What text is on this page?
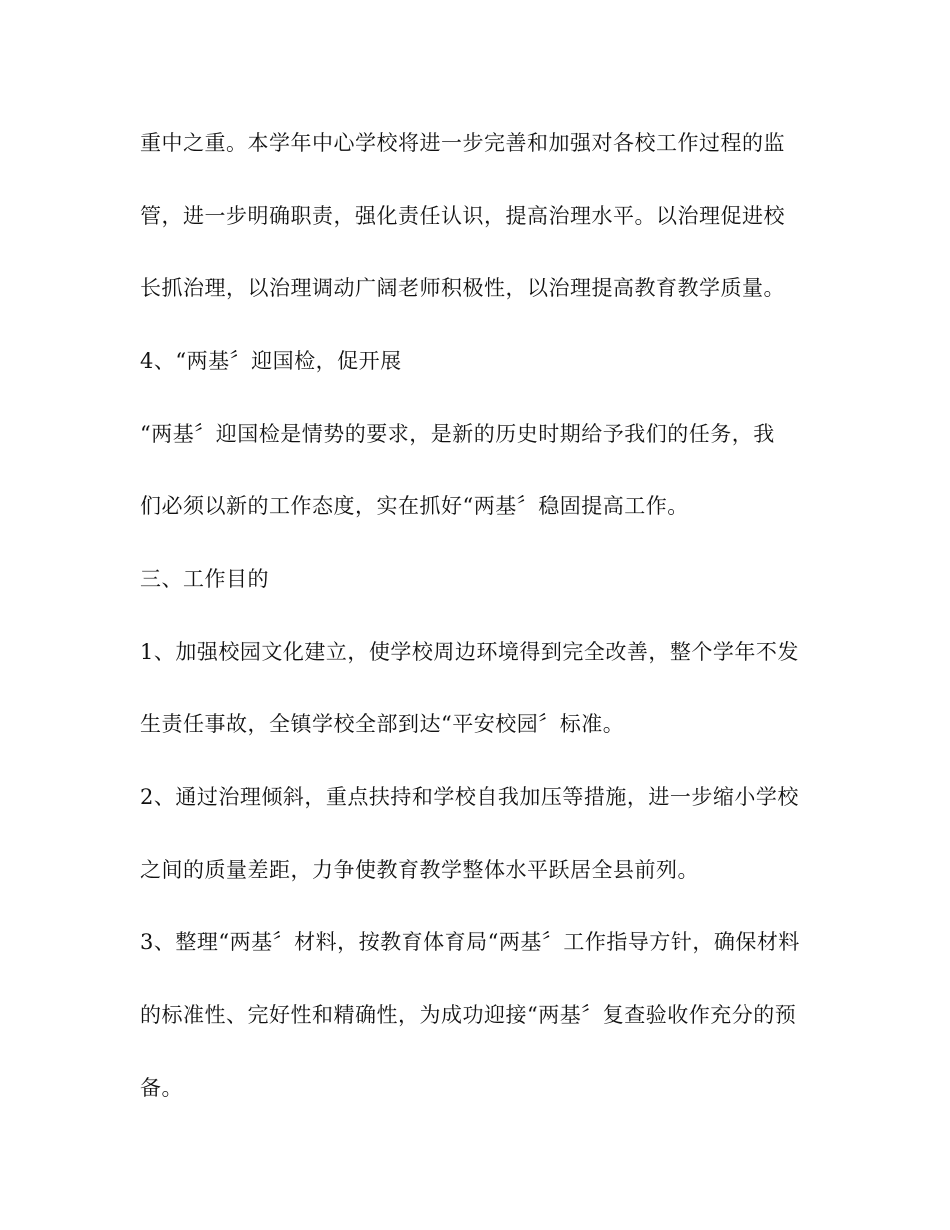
重中之重。本学年中心学校将进一步完善和加强对各校工作过程的监
管，进一步明确职责，强化责任认识，提高治理水平。以治理促进校
长抓治理，以治理调动广阔老师积极性，以治理提高教育教学质量。
4、“两基〞迎国检，促开展
“两基〞迎国检是情势的要求，是新的历史时期给予我们的任务，我
们必须以新的工作态度，实在抓好“两基〞稳固提高工作。
三、工作目的
1、加强校园文化建立，使学校周边环境得到完全改善，整个学年不发
生责任事故，全镇学校全部到达“平安校园〞标准。
2、通过治理倾斜，重点扶持和学校自我加压等措施，进一步缩小学校
之间的质量差距，力争使教育教学整体水平跃居全县前列。
3、整理“两基〞材料，按教育体育局“两基〞工作指导方针，确保材料
的标准性、完好性和精确性，为成功迎接“两基〞复查验收作充分的预
备。
